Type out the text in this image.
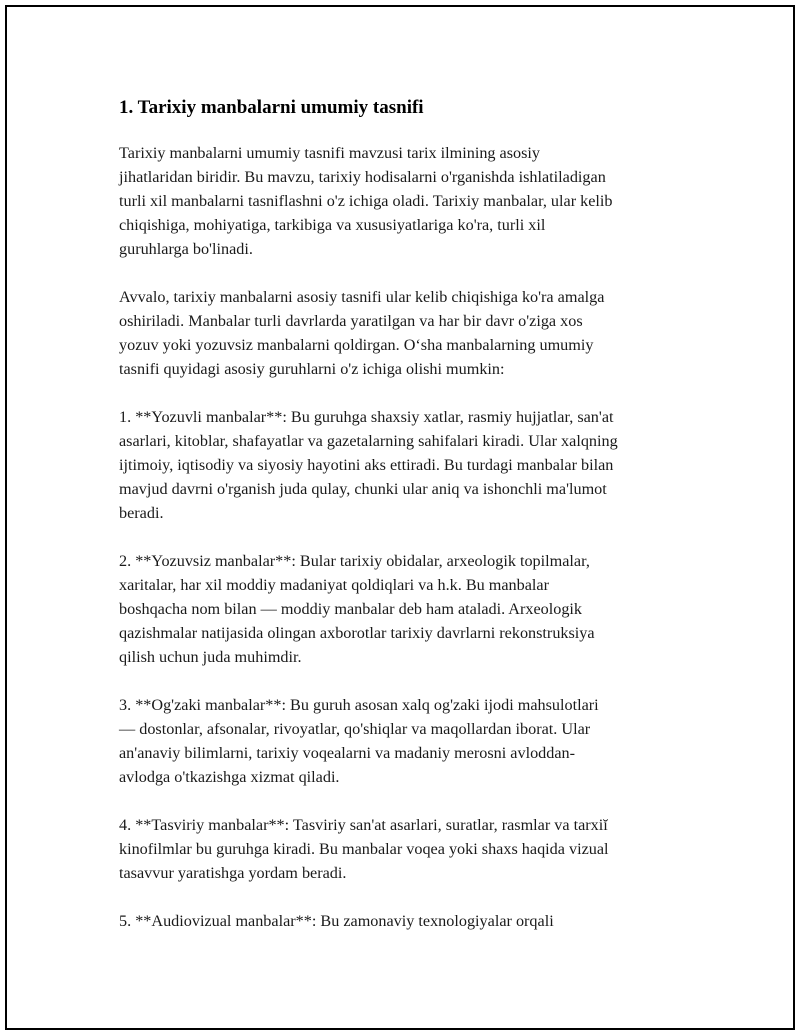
1. Tarixiy manbalarni umumiy tasnifi

Tarixiy manbalarni umumiy tasnifi mavzusi tarix ilmining asosiy
jihatlaridan biridir. Bu mavzu, tarixiy hodisalarni o'rganishda ishlatiladigan
turli xil manbalarni tasniflashni o'z ichiga oladi. Tarixiy manbalar, ular kelib
chiqishiga, mohiyatiga, tarkibiga va xususiyatlariga ko'ra, turli xil
guruhlarga bo'linadi.

Avvalo, tarixiy manbalarni asosiy tasnifi ular kelib chiqishiga ko'ra amalga
oshiriladi. Manbalar turli davrlarda yaratilgan va har bir davr o'ziga xos
yozuv yoki yozuvsiz manbalarni qoldirgan. O‘sha manbalarning umumiy
tasnifi quyidagi asosiy guruhlarni o'z ichiga olishi mumkin:

1. **Yozuvli manbalar**: Bu guruhga shaxsiy xatlar, rasmiy hujjatlar, san'at
asarlari, kitoblar, shafayatlar va gazetalarning sahifalari kiradi. Ular xalqning
ijtimoiy, iqtisodiy va siyosiy hayotini aks ettiradi. Bu turdagi manbalar bilan
mavjud davrni o'rganish juda qulay, chunki ular aniq va ishonchli ma'lumot
beradi.

2. **Yozuvsiz manbalar**: Bular tarixiy obidalar, arxeologik topilmalar,
xaritalar, har xil moddiy madaniyat qoldiqlari va h.k. Bu manbalar
boshqacha nom bilan — moddiy manbalar deb ham ataladi. Arxeologik
qazishmalar natijasida olingan axborotlar tarixiy davrlarni rekonstruksiya
qilish uchun juda muhimdir.

3. **Og'zaki manbalar**: Bu guruh asosan xalq og'zaki ijodi mahsulotlari
— dostonlar, afsonalar, rivoyatlar, qo'shiqlar va maqollardan iborat. Ular
an'anaviy bilimlarni, tarixiy voqealarni va madaniy merosni avloddan-
avlodga o'tkazishga xizmat qiladi.

4. **Tasviriy manbalar**: Tasviriy san'at asarlari, suratlar, rasmlar va tarxiĭ
kinofilmlar bu guruhga kiradi. Bu manbalar voqea yoki shaxs haqida vizual
tasavvur yaratishga yordam beradi.

5. **Audiovizual manbalar**: Bu zamonaviy texnologiyalar orqali
